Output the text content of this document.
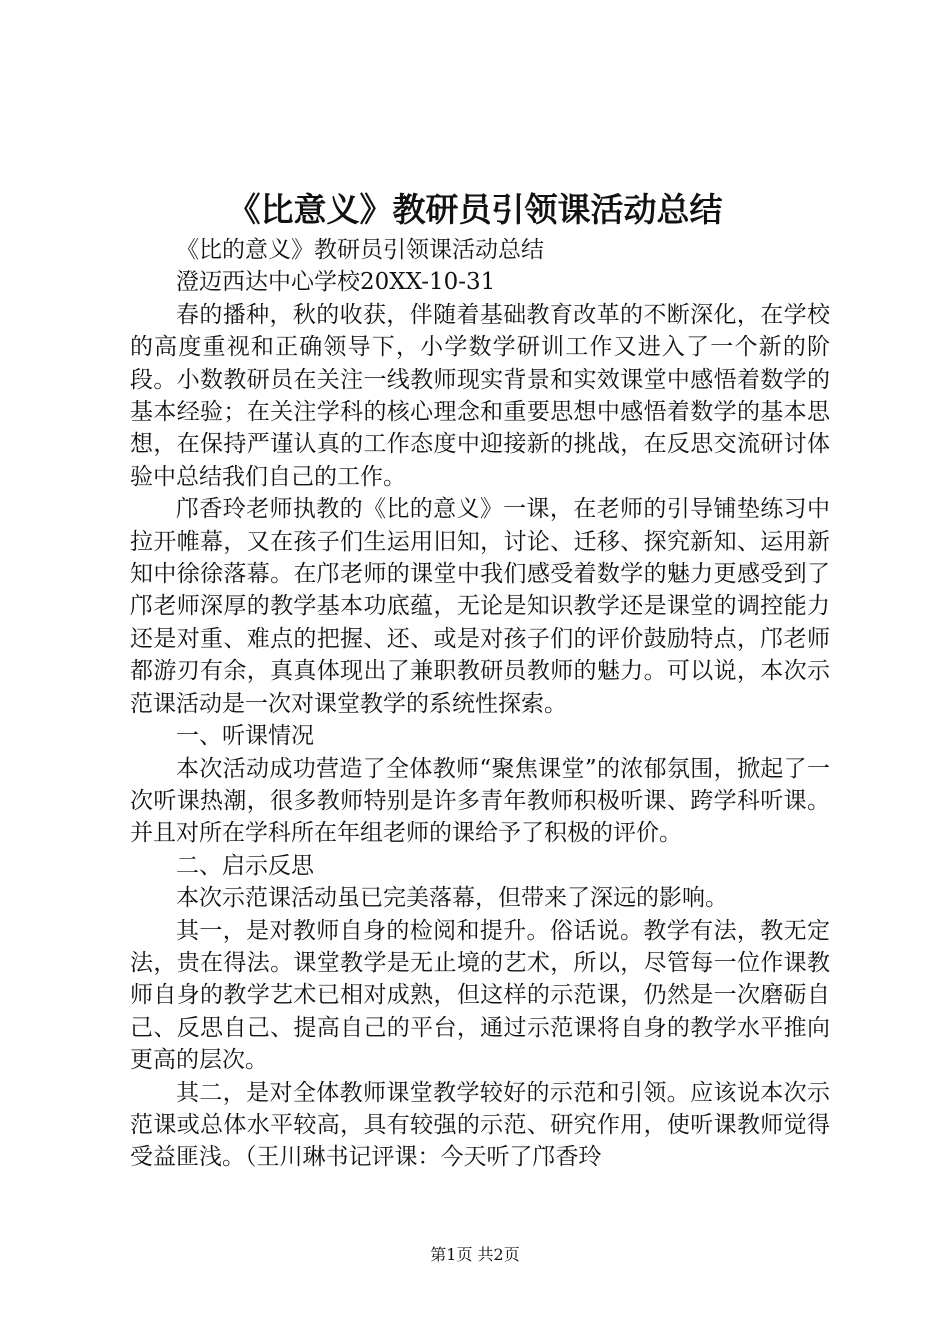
《比意义》教研员引领课活动总结

《比的意义》教研员引领课活动总结

澄迈西达中心学校20XX-10-31

春的播种，秋的收获，伴随着基础教育改革的不断深化，在学校的高度重视和正确领导下，小学数学研训工作又进入了一个新的阶段。小数教研员在关注一线教师现实背景和实效课堂中感悟着数学的基本经验；在关注学科的核心理念和重要思想中感悟着数学的基本思想，在保持严谨认真的工作态度中迎接新的挑战，在反思交流研讨体验中总结我们自己的工作。

邝香玲老师执教的《比的意义》一课，在老师的引导铺垫练习中拉开帷幕，又在孩子们生运用旧知，讨论、迁移、探究新知、运用新知中徐徐落幕。在邝老师的课堂中我们感受着数学的魅力更感受到了邝老师深厚的教学基本功底蕴，无论是知识教学还是课堂的调控能力还是对重、难点的把握、还、或是对孩子们的评价鼓励特点，邝老师都游刃有余，真真体现出了兼职教研员教师的魅力。可以说，本次示范课活动是一次对课堂教学的系统性探索。

一、听课情况

本次活动成功营造了全体教师“聚焦课堂”的浓郁氛围，掀起了一次听课热潮，很多教师特别是许多青年教师积极听课、跨学科听课。并且对所在学科所在年组老师的课给予了积极的评价。

二、启示反思

本次示范课活动虽已完美落幕，但带来了深远的影响。

其一，是对教师自身的检阅和提升。俗话说。教学有法，教无定法，贵在得法。课堂教学是无止境的艺术，所以，尽管每一位作课教师自身的教学艺术已相对成熟，但这样的示范课，仍然是一次磨砺自己、反思自己、提高自己的平台，通过示范课将自身的教学水平推向更高的层次。

其二，是对全体教师课堂教学较好的示范和引领。应该说本次示范课或总体水平较高，具有较强的示范、研究作用，使听课教师觉得受益匪浅。（王川琳书记评课：今天听了邝香玲

第1页 共2页
